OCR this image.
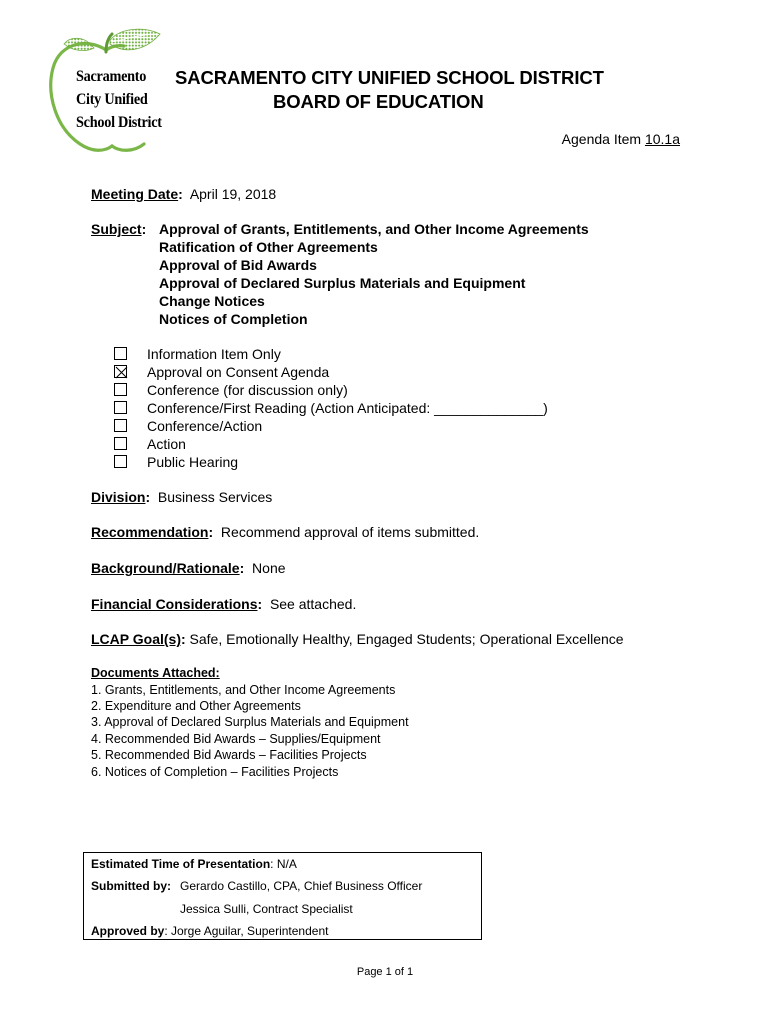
Sacramento
City Unified
School District
SACRAMENTO CITY UNIFIED SCHOOL DISTRICT
BOARD OF EDUCATION
Agenda Item 10.1a
Meeting Date: April 19, 2018
Subject: Approval of Grants, Entitlements, and Other Income Agreements
Ratification of Other Agreements
Approval of Bid Awards
Approval of Declared Surplus Materials and Equipment
Change Notices
Notices of Completion
Information Item Only
Approval on Consent Agenda
Conference (for discussion only)
Conference/First Reading (Action Anticipated: ______________)
Conference/Action
Action
Public Hearing
Division: Business Services
Recommendation: Recommend approval of items submitted.
Background/Rationale: None
Financial Considerations: See attached.
LCAP Goal(s): Safe, Emotionally Healthy, Engaged Students; Operational Excellence
Documents Attached:
1. Grants, Entitlements, and Other Income Agreements
2. Expenditure and Other Agreements
3. Approval of Declared Surplus Materials and Equipment
4. Recommended Bid Awards – Supplies/Equipment
5. Recommended Bid Awards – Facilities Projects
6. Notices of Completion – Facilities Projects
Estimated Time of Presentation: N/A
Submitted by: Gerardo Castillo, CPA, Chief Business Officer
Jessica Sulli, Contract Specialist
Approved by: Jorge Aguilar, Superintendent
Page 1 of 1
